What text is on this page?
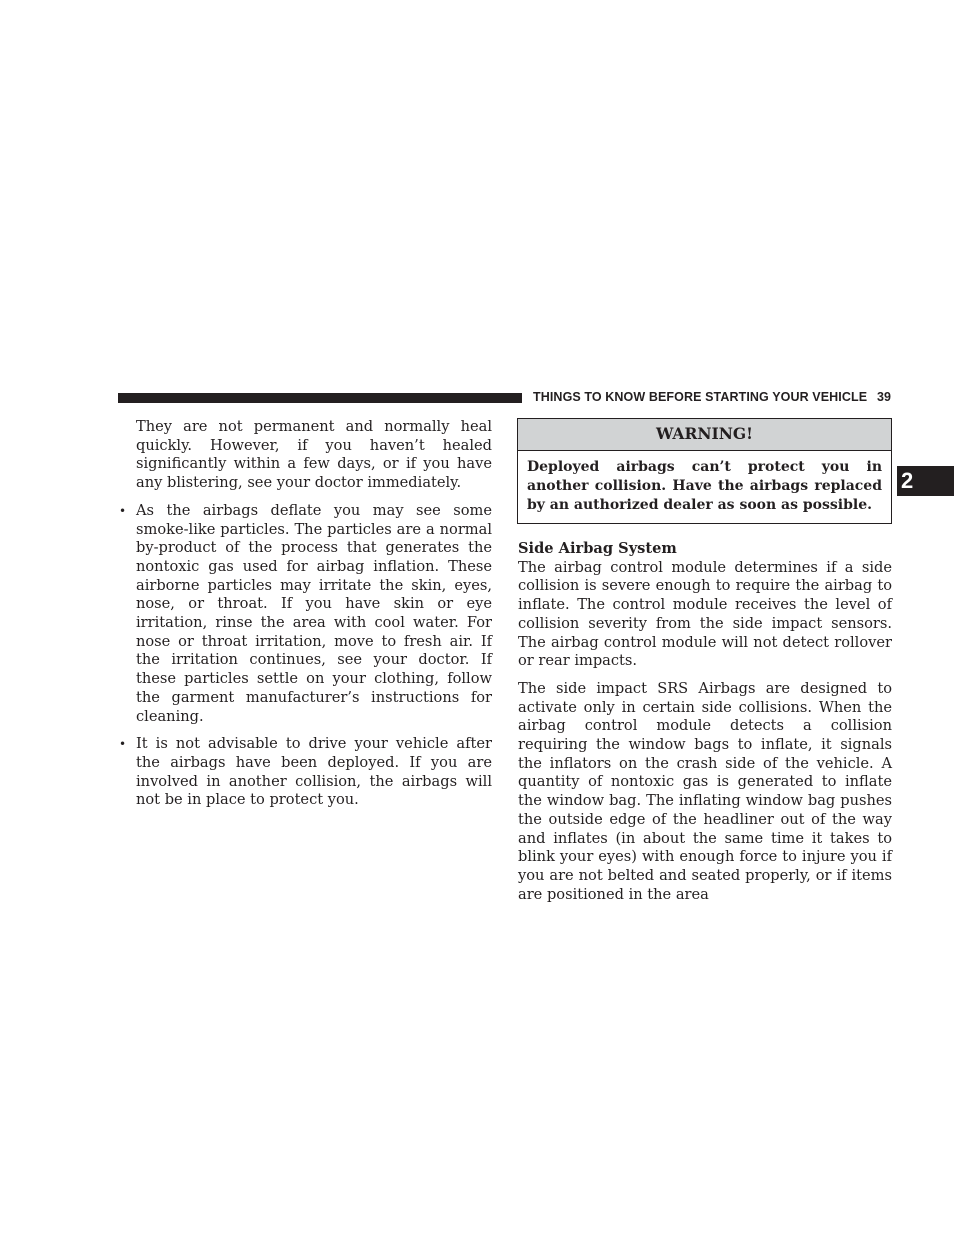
THINGS TO KNOW BEFORE STARTING YOUR VEHICLE 39
2

They are not permanent and normally heal quickly. However, if you haven’t healed significantly within a few days, or if you have any blistering, see your doctor immediately.

• As the airbags deflate you may see some smoke-like particles. The particles are a normal by-product of the process that generates the nontoxic gas used for airbag inflation. These airborne particles may irritate the skin, eyes, nose, or throat. If you have skin or eye irritation, rinse the area with cool water. For nose or throat irritation, move to fresh air. If the irritation continues, see your doctor. If these particles settle on your clothing, follow the garment manufacturer’s instructions for cleaning.
• It is not advisable to drive your vehicle after the airbags have been deployed. If you are involved in another collision, the airbags will not be in place to protect you.
WARNING!
Deployed airbags can’t protect you in another collision. Have the airbags replaced by an authorized dealer as soon as possible.
Side Airbag System

The airbag control module determines if a side collision is severe enough to require the airbag to inflate. The control module receives the level of collision severity from the side impact sensors. The airbag control module will not detect rollover or rear impacts.

The side impact SRS Airbags are designed to activate only in certain side collisions. When the airbag control module detects a collision requiring the window bags to inflate, it signals the inflators on the crash side of the vehicle. A quantity of nontoxic gas is generated to inflate the window bag. The inflating window bag pushes the outside edge of the headliner out of the way and inflates (in about the same time it takes to blink your eyes) with enough force to injure you if you are not belted and seated properly, or if items are positioned in the area
